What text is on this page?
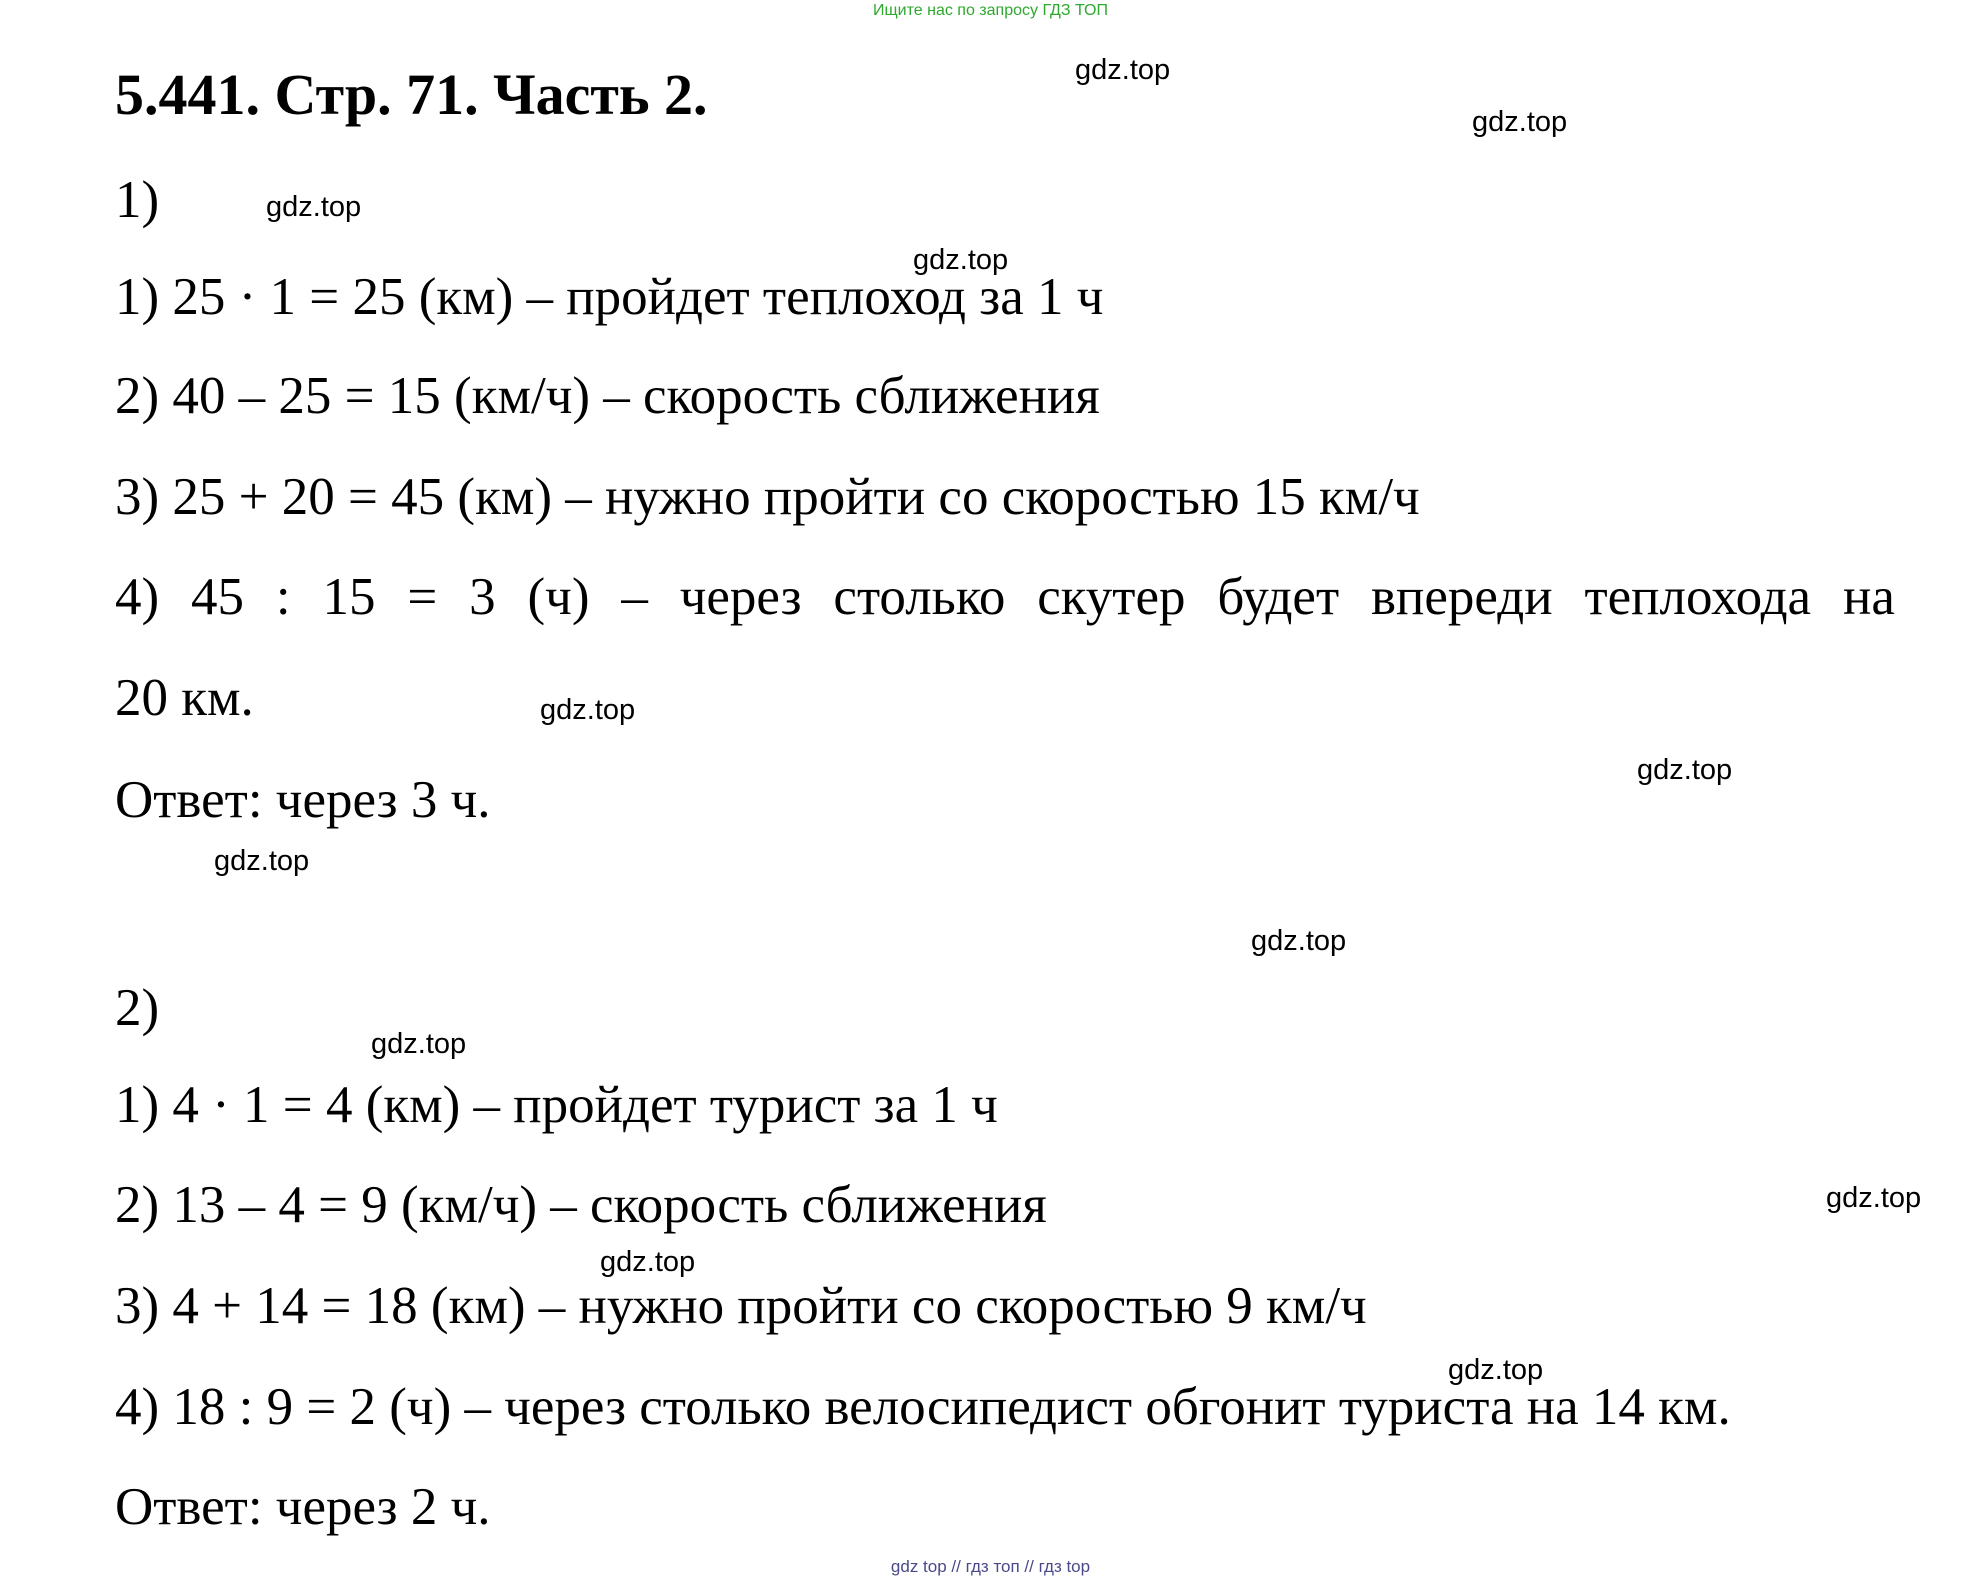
Ищите нас по запросу ГДЗ ТОП
5.441. Стр. 71. Часть 2.
1)
1) 25 · 1 = 25 (км) – пройдет теплоход за 1 ч
2) 40 – 25 = 15 (км/ч) – скорость сближения
3) 25 + 20 = 45 (км) – нужно пройти со скоростью 15 км/ч
4) 45 : 15 = 3 (ч) – через столько скутер будет впереди теплохода на
20 км.
Ответ: через 3 ч.
2)
1) 4 · 1 = 4 (км) – пройдет турист за 1 ч
2) 13 – 4 = 9 (км/ч) – скорость сближения
3) 4 + 14 = 18 (км) – нужно пройти со скоростью 9 км/ч
4) 18 : 9 = 2 (ч) – через столько велосипедист обгонит туриста на 14 км.
Ответ: через 2 ч.
gdz.top
gdz.top
gdz.top
gdz.top
gdz.top
gdz.top
gdz.top
gdz.top
gdz.top
gdz.top
gdz.top
gdz.top
gdz top // гдз топ // гдз top
